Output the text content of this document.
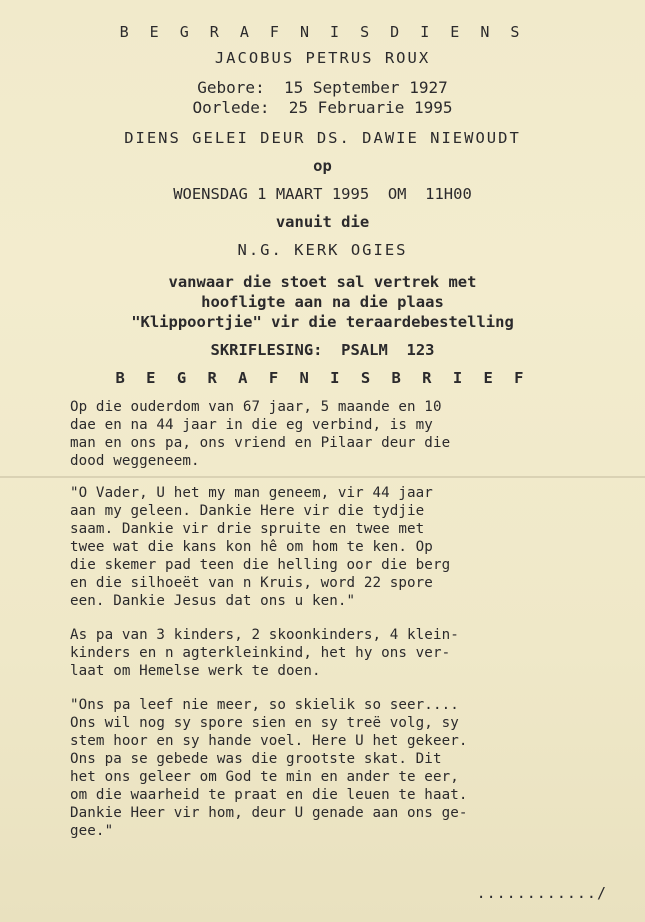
B E G R A F N I S D I E N S
JACOBUS PETRUS ROUX
Gebore:  15 September 1927
Oorlede:  25 Februarie 1995
DIENS GELEI DEUR DS. DAWIE NIEWOUDT
op
WOENSDAG 1 MAART 1995  OM  11H00
vanuit die
N.G. KERK OGIES
vanwaar die stoet sal vertrek met
hoofligte aan na die plaas
"Klippoortjie" vir die teraardebestelling
SKRIFLESING:  PSALM  123
B E G R A F N I S B R I E F
Op die ouderdom van 67 jaar, 5 maande en 10
dae en na 44 jaar in die eg verbind, is my
man en ons pa, ons vriend en Pilaar deur die
dood weggeneem.
"O Vader, U het my man geneem, vir 44 jaar
aan my geleen. Dankie Here vir die tydjie
saam. Dankie vir drie spruite en twee met
twee wat die kans kon hê om hom te ken. Op
die skemer pad teen die helling oor die berg
en die silhoeët van n Kruis, word 22 spore
een. Dankie Jesus dat ons u ken."
As pa van 3 kinders, 2 skoonkinders, 4 klein-
kinders en n agterkleinkind, het hy ons ver-
laat om Hemelse werk te doen.
"Ons pa leef nie meer, so skielik so seer....
Ons wil nog sy spore sien en sy treë volg, sy
stem hoor en sy hande voel. Here U het gekeer.
Ons pa se gebede was die grootste skat. Dit
het ons geleer om God te min en ander te eer,
om die waarheid te praat en die leuen te haat.
Dankie Heer vir hom, deur U genade aan ons ge-
gee."
............/
